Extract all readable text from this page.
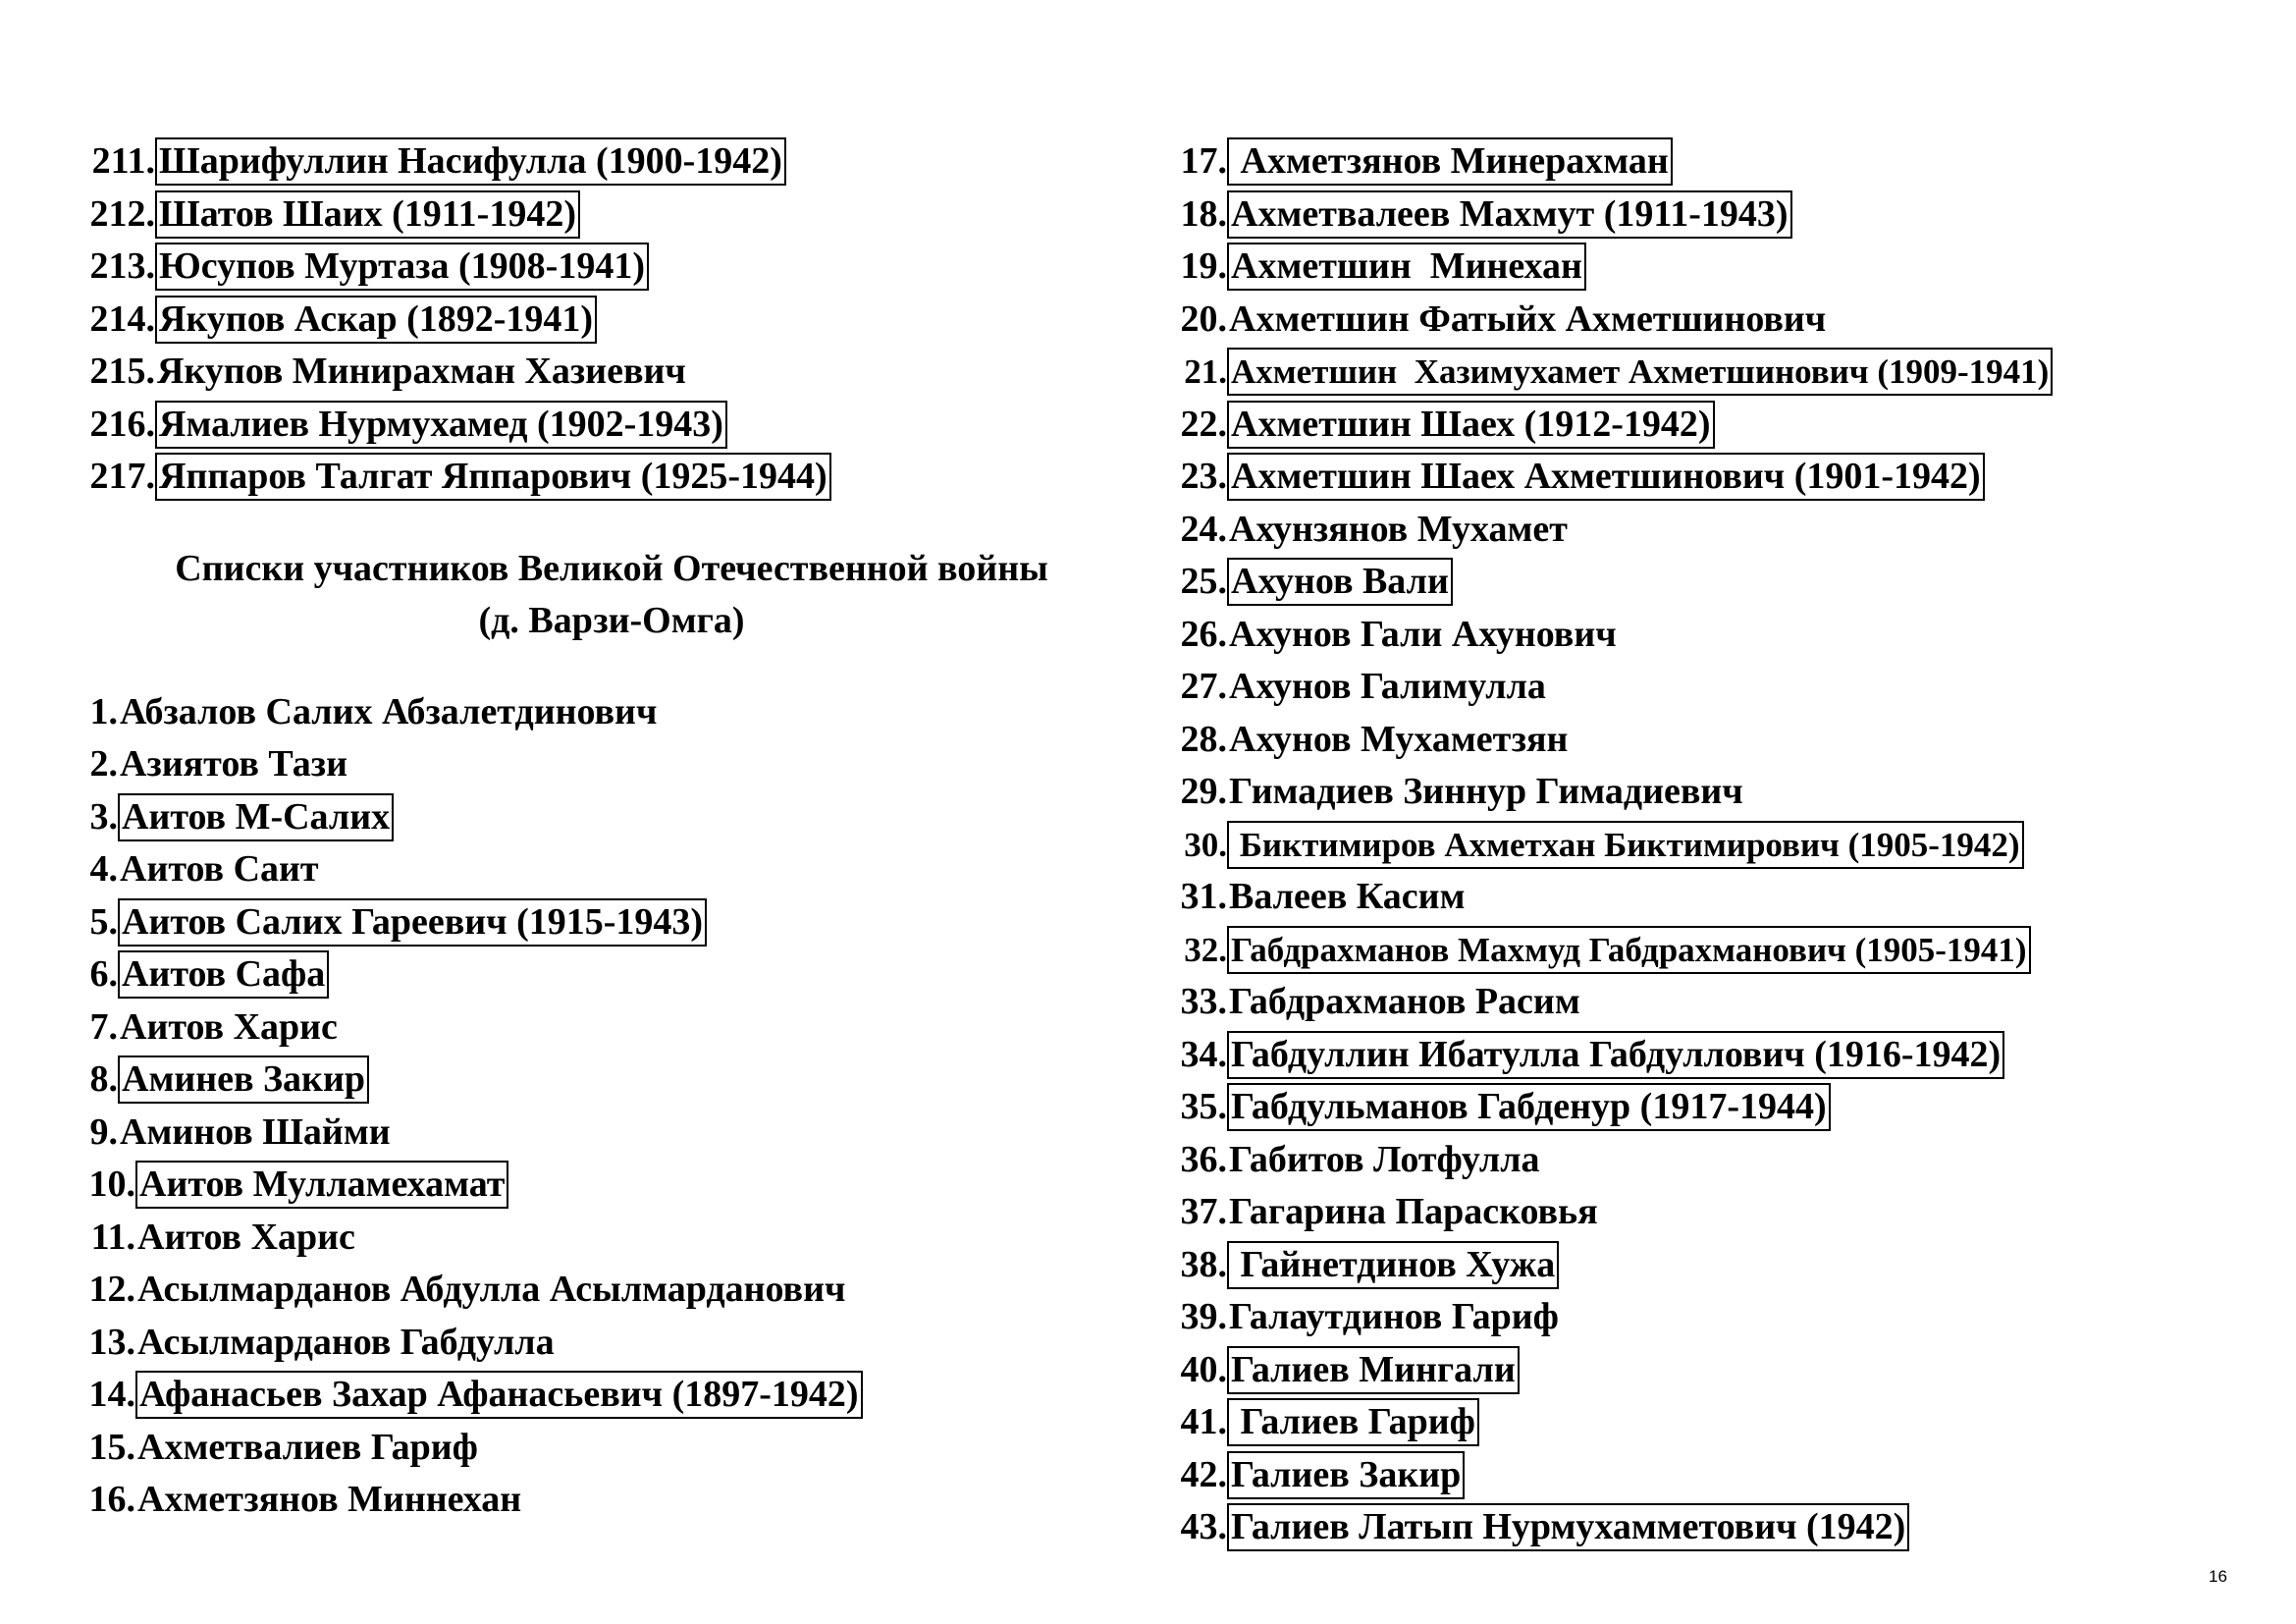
211. Шарифуллин Насифулла (1900-1942)
212. Шатов Шаих (1911-1942)
213. Юсупов Муртаза (1908-1941)
214. Якупов Аскар (1892-1941)
215. Якупов Минирахман Хазиевич
216. Ямалиев Нурмухамед (1902-1943)
217. Яппаров Талгат Яппарович (1925-1944)
Списки участников Великой Отечественной войны
(д. Варзи-Омга)
1. Абзалов Салих Абзалетдинович
2. Азиятов Тази
3. Аитов М-Салих
4. Аитов Саит
5. Аитов Салих Гареевич (1915-1943)
6. Аитов Сафа
7. Аитов Харис
8. Аминев Закир
9. Аминов Шайми
10. Аитов Мулламехамат
11. Аитов Харис
12. Асылмарданов Абдулла Асылмарданович
13. Асылмарданов Габдулла
14. Афанасьев Захар Афанасьевич (1897-1942)
15. Ахметвалиев Гариф
16. Ахметзянов Миннехан
17. Ахметзянов Минерахман
18. Ахметвалеев Махмут (1911-1943)
19. Ахметшин  Минехан
20. Ахметшин Фатыйх Ахметшинович
21. Ахметшин  Хазимухамет Ахметшинович (1909-1941)
22. Ахметшин Шаех (1912-1942)
23. Ахметшин Шаех Ахметшинович (1901-1942)
24. Ахунзянов Мухамет
25. Ахунов Вали
26. Ахунов Гали Ахунович
27. Ахунов Галимулла
28. Ахунов Мухаметзян
29. Гимадиев Зиннур Гимадиевич
30. Биктимиров Ахметхан Биктимирович (1905-1942)
31. Валеев Касим
32. Габдрахманов Махмуд Габдрахманович (1905-1941)
33. Габдрахманов Расим
34. Габдуллин Ибатулла Габдуллович (1916-1942)
35. Габдульманов Габденур (1917-1944)
36. Габитов Лотфулла
37. Гагарина Парасковья
38. Гайнетдинов Хужа
39. Галаутдинов Гариф
40. Галиев Мингали
41. Галиев Гариф
42. Галиев Закир
43. Галиев Латып Нурмухамметович (1942)
16
